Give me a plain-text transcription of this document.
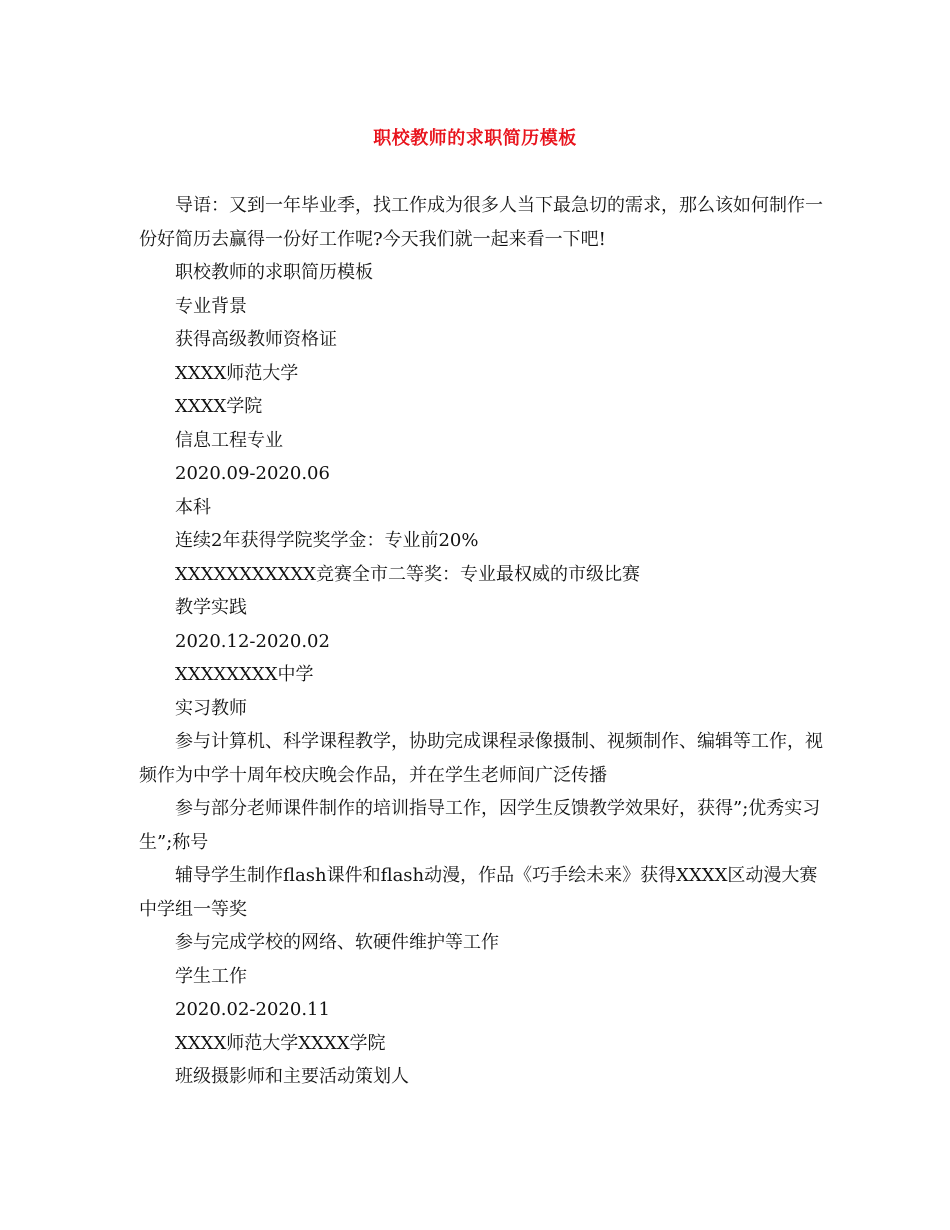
职校教师的求职简历模板

导语：又到一年毕业季，找工作成为很多人当下最急切的需求，那么该如何制作一份好简历去赢得一份好工作呢?今天我们就一起来看一下吧!

职校教师的求职简历模板

专业背景

获得高级教师资格证

XXXX师范大学

XXXX学院

信息工程专业

2020.09-2020.06

本科

连续2年获得学院奖学金：专业前20%

XXXXXXXXXXX竞赛全市二等奖：专业最权威的市级比赛

教学实践

2020.12-2020.02

XXXXXXXX中学

实习教师

参与计算机、科学课程教学，协助完成课程录像摄制、视频制作、编辑等工作，视频作为中学十周年校庆晚会作品，并在学生老师间广泛传播

参与部分老师课件制作的培训指导工作，因学生反馈教学效果好，获得”;优秀实习生”;称号

辅导学生制作flash课件和flash动漫，作品《巧手绘未来》获得XXXX区动漫大赛中学组一等奖

参与完成学校的网络、软硬件维护等工作

学生工作

2020.02-2020.11

XXXX师范大学XXXX学院

班级摄影师和主要活动策划人
